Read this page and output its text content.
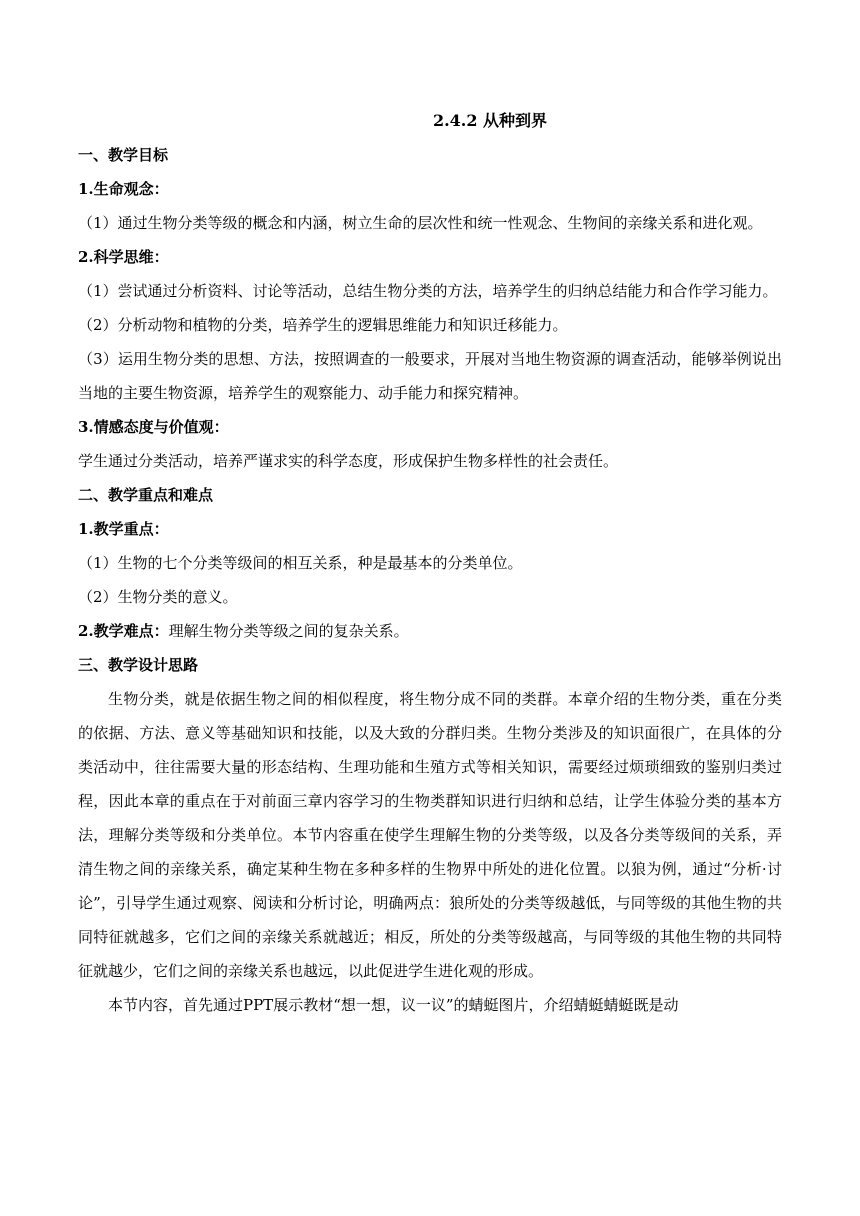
2.4.2 从种到界
一、教学目标
1.生命观念：
（1）通过生物分类等级的概念和内涵，树立生命的层次性和统一性观念、生物间的亲缘关系和进化观。
2.科学思维：
（1）尝试通过分析资料、讨论等活动，总结生物分类的方法，培养学生的归纳总结能力和合作学习能力。
（2）分析动物和植物的分类，培养学生的逻辑思维能力和知识迁移能力。
（3）运用生物分类的思想、方法，按照调查的一般要求，开展对当地生物资源的调查活动，能够举例说出当地的主要生物资源，培养学生的观察能力、动手能力和探究精神。
3.情感态度与价值观：
学生通过分类活动，培养严谨求实的科学态度，形成保护生物多样性的社会责任。
二、教学重点和难点
1.教学重点：
（1）生物的七个分类等级间的相互关系，种是最基本的分类单位。
（2）生物分类的意义。
2.教学难点：理解生物分类等级之间的复杂关系。
三、教学设计思路
生物分类，就是依据生物之间的相似程度，将生物分成不同的类群。本章介绍的生物分类，重在分类的依据、方法、意义等基础知识和技能，以及大致的分群归类。生物分类涉及的知识面很广，在具体的分类活动中，往往需要大量的形态结构、生理功能和生殖方式等相关知识，需要经过烦琐细致的鉴别归类过程，因此本章的重点在于对前面三章内容学习的生物类群知识进行归纳和总结，让学生体验分类的基本方法，理解分类等级和分类单位。本节内容重在使学生理解生物的分类等级，以及各分类等级间的关系，弄清生物之间的亲缘关系，确定某种生物在多种多样的生物界中所处的进化位置。以狼为例，通过“分析·讨论”，引导学生通过观察、阅读和分析讨论，明确两点：狼所处的分类等级越低，与同等级的其他生物的共同特征就越多，它们之间的亲缘关系就越近；相反，所处的分类等级越高，与同等级的其他生物的共同特征就越少，它们之间的亲缘关系也越远，以此促进学生进化观的形成。
本节内容，首先通过PPT展示教材“想一想，议一议”的蜻蜓图片，介绍蜻蜓蜻蜓既是动
